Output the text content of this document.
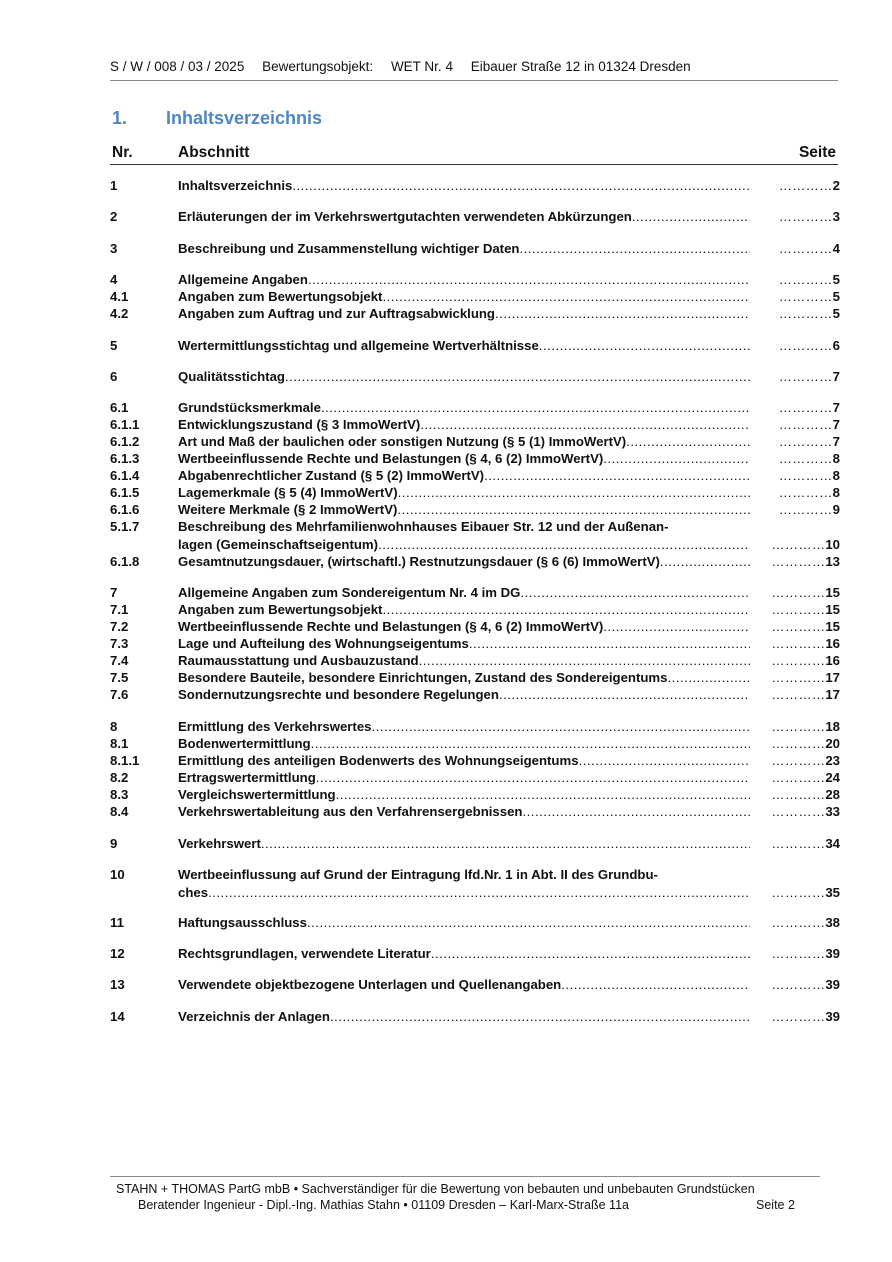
S / W / 008 / 03 / 2025 Bewertungsobjekt: WET Nr. 4 Eibauer Straße 12 in 01324 Dresden
1. Inhaltsverzeichnis
Nr.	Abschnitt	Seite
1	Inhaltsverzeichnis .....	…………2
2	Erläuterungen der im Verkehrswertgutachten verwendeten Abkürzungen .....	…………3
3	Beschreibung und Zusammenstellung wichtiger Daten .....	…………4
4	Allgemeine Angaben .....	…………5
4.1	Angaben zum Bewertungsobjekt .....	…………5
4.2	Angaben zum Auftrag und zur Auftragsabwicklung .....	…………5
5	Wertermittlungsstichtag und allgemeine Wertverhältnisse .....	…………6
6	Qualitätsstichtag .....	…………7
6.1	Grundstücksmerkmale .....	…………7
6.1.1	Entwicklungszustand (§ 3 ImmoWertV) .....	…………7
6.1.2	Art und Maß der baulichen oder sonstigen Nutzung (§ 5 (1) ImmoWertV) .....	…………7
6.1.3	Wertbeeinflussende Rechte und Belastungen (§ 4, 6 (2) ImmoWertV) .....	…………8
6.1.4	Abgabenrechtlicher Zustand (§ 5 (2) ImmoWertV) .....	…………8
6.1.5	Lagemerkmale (§ 5 (4) ImmoWertV) .....	…………8
6.1.6	Weitere Merkmale (§ 2 ImmoWertV) .....	…………9
5.1.7	Beschreibung des Mehrfamilienwohnhauses Eibauer Str. 12 und der Außenan-
lagen (Gemeinschaftseigentum) .....	…………10
6.1.8	Gesamtnutzungsdauer, (wirtschaftl.) Restnutzungsdauer (§ 6 (6) ImmoWertV) .....	…………13
7	Allgemeine Angaben zum Sondereigentum Nr. 4 im DG .....	…………15
7.1	Angaben zum Bewertungsobjekt .....	…………15
7.2	Wertbeeinflussende Rechte und Belastungen (§ 4, 6 (2) ImmoWertV) .....	…………15
7.3	Lage und Aufteilung des Wohnungseigentums .....	…………16
7.4	Raumausstattung und Ausbauzustand .....	…………16
7.5	Besondere Bauteile, besondere Einrichtungen, Zustand des Sondereigentums .....	…………17
7.6	Sondernutzungsrechte und besondere Regelungen .....	…………17
8	Ermittlung des Verkehrswertes .....	…………18
8.1	Bodenwertermittlung .....	…………20
8.1.1	Ermittlung des anteiligen Bodenwerts des Wohnungseigentums .....	…………23
8.2	Ertragswertermittlung .....	…………24
8.3	Vergleichswertermittlung .....	…………28
8.4	Verkehrswertableitung aus den Verfahrensergebnissen .....	…………33
9	Verkehrswert .....	…………34
10	Wertbeeinflussung auf Grund der Eintragung lfd.Nr. 1 in Abt. II des Grundbu-
ches .....	…………35
11	Haftungsausschluss .....	…………38
12	Rechtsgrundlagen, verwendete Literatur .....	…………39
13	Verwendete objektbezogene Unterlagen und Quellenangaben .....	…………39
14	Verzeichnis der Anlagen .....	…………39
STAHN + THOMAS PartG mbB • Sachverständiger für die Bewertung von bebauten und unbebauten Grundstücken
Beratender Ingenieur - Dipl.-Ing. Mathias Stahn • 01109 Dresden – Karl-Marx-Straße 11a	Seite 2
